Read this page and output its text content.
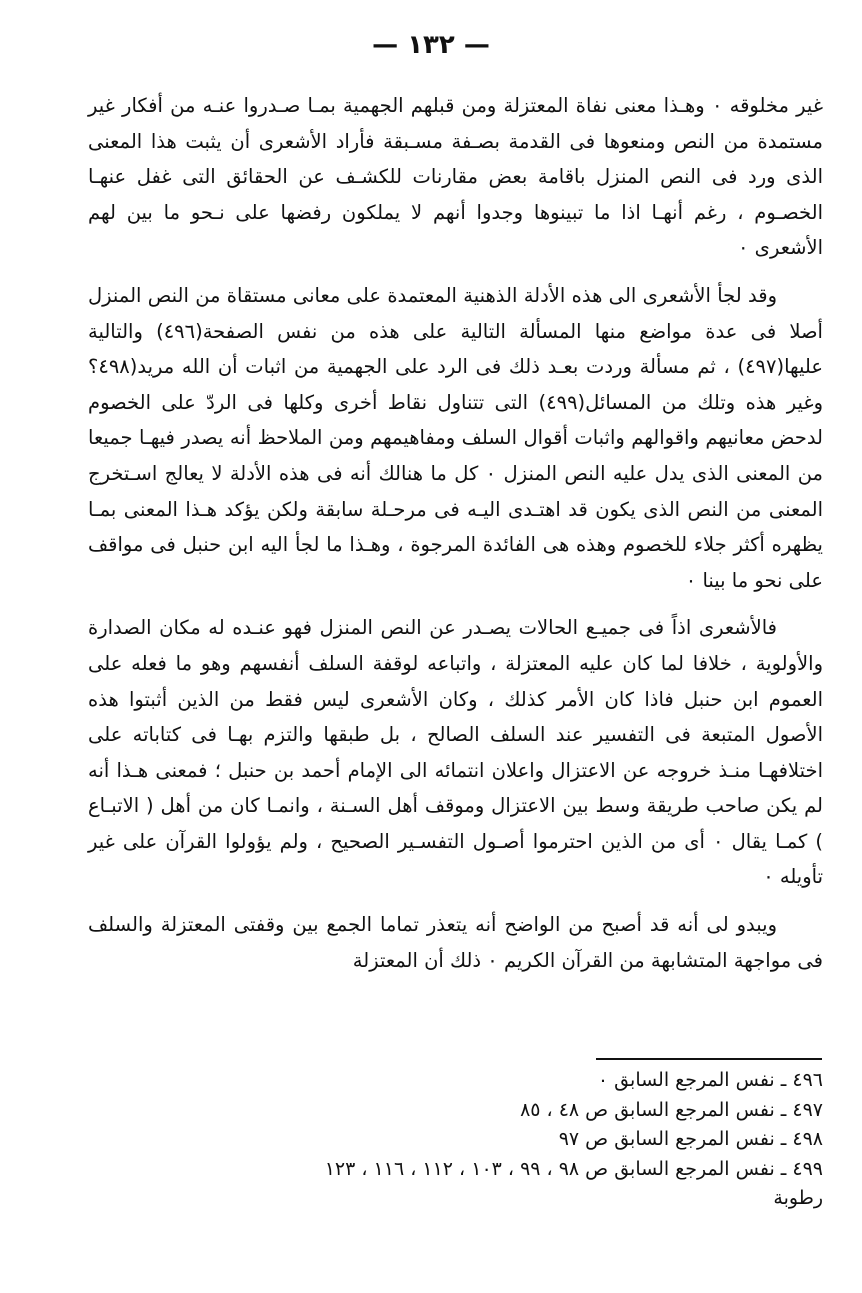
— ١٣٢ —

غير مخلوقه ٠ وهـذا معنى نفاة المعتزلة ومن قبلهم الجهمية بمـا صـدروا عنـه من أفكار غير مستمدة من النص ومنعوها فى القدمة بصـفة مسـبقة فأراد الأشعرى أن يثبت هذا المعنى الذى ورد فى النص المنزل باقامة بعض مقارنات للكشـف عن الحقائق التى غفل عنهـا الخصـوم ، رغم أنهـا اذا ما تبينوها وجدوا أنهم لا يملكون رفضها على نـحو ما بين لهم الأشعرى ٠

وقد لجأ الأشعرى الى هذه الأدلة الذهنية المعتمدة على معانى مستقاة من النص المنزل أصلا فى عدة مواضع منها المسألة التالية على هذه من نفس الصفحة(٤٩٦) والتالية عليها(٤٩٧) ، ثم مسألة وردت بعـد ذلك فى الرد على الجهمية من اثبات أن الله مريد(٤٩٨؟ وغير هذه وتلك من المسائل(٤٩٩) التى تتناول نقاط أخرى وكلها فى الردّ على الخصوم لدحض معانيهم واقوالهم واثبات أقوال السلف ومفاهيمهم ومن الملاحظ أنه يصدر فيهـا جميعا من المعنى الذى يدل عليه النص المنزل ٠ كل ما هنالك أنه فى هذه الأدلة لا يعالج اسـتخرج المعنى من النص الذى يكون قد اهتـدى اليـه فى مرحـلة سابقة ولكن يؤكد هـذا المعنى بمـا يظهره أكثر جلاء للخصوم وهذه هى الفائدة المرجوة ، وهـذا ما لجأ اليه ابن حنبل فى مواقف على نحو ما بينا ٠

فالأشعرى اذاً فى جميـع الحالات يصـدر عن النص المنزل فهو عنـده له مكان الصدارة والأولوية ، خلافا لما كان عليه المعتزلة ، واتباعه لوقفة السلف أنفسهم وهو ما فعله على العموم ابن حنبل فاذا كان الأمر كذلك ، وكان الأشعرى ليس فقط من الذين أثبتوا هذه الأصول المتبعة فى التفسير عند السلف الصالح ، بل طبقها والتزم بهـا فى كتاباته على اختلافهـا منـذ خروجه عن الاعتزال واعلان انتمائه الى الإمام أحمد بن حنبل ؛ فمعنى هـذا أنه لم يكن صاحب طريقة وسط بين الاعتزال وموقف أهل السـنة ، وانمـا كان من أهل ( الاتبـاع ) كمـا يقال ٠ أى من الذين احترموا أصـول التفسـير الصحيح ، ولم يؤولوا القرآن على غير تأويله ٠

ويبدو لى أنه قد أصبح من الواضح أنه يتعذر تماما الجمع بين وقفتى المعتزلة والسلف فى مواجهة المتشابهة من القرآن الكريم ٠ ذلك أن المعتزلة

٤٩٦ ـ نفس المرجع السابق ٠

٤٩٧ ـ نفس المرجع السابق ص ٤٨ ، ٨٥

٤٩٨ ـ نفس المرجع السابق ص ٩٧

٤٩٩ ـ نفس المرجع السابق ص ٩٨ ، ٩٩ ، ١٠٣ ، ١١٢ ، ١١٦ ، ١٢٣

رطوبة
